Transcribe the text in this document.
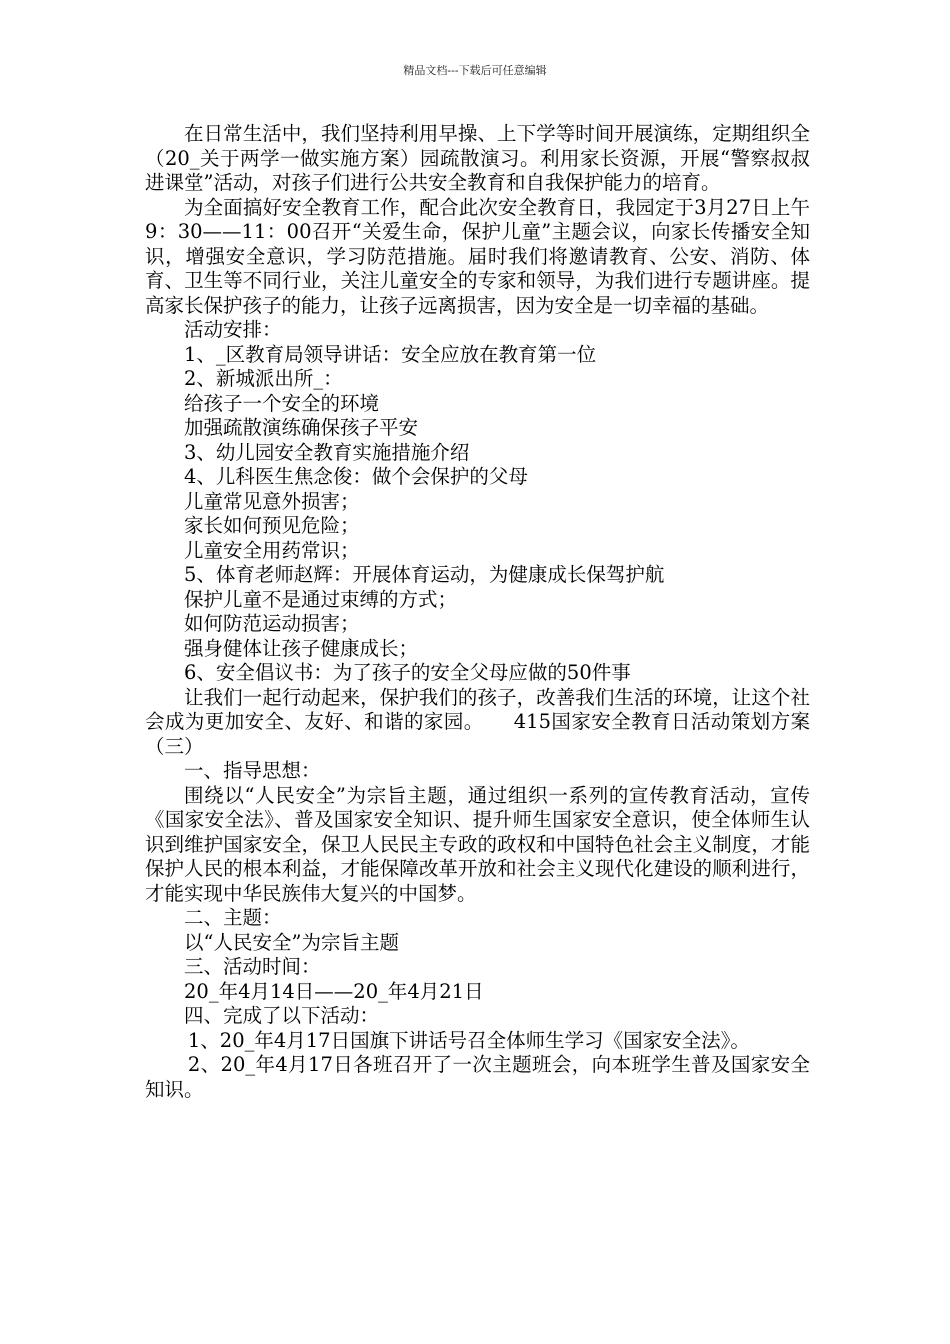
精品文档---下载后可任意编辑

在日常生活中，我们坚持利用早操、上下学等时间开展演练，定期组织全（20_关于两学一做实施方案）园疏散演习。利用家长资源，开展“警察叔叔进课堂”活动，对孩子们进行公共安全教育和自我保护能力的培育。

为全面搞好安全教育工作，配合此次安全教育日，我园定于3月27日上午9：30——11：00召开“关爱生命，保护儿童”主题会议，向家长传播安全知识，增强安全意识，学习防范措施。届时我们将邀请教育、公安、消防、体育、卫生等不同行业，关注儿童安全的专家和领导，为我们进行专题讲座。提高家长保护孩子的能力，让孩子远离损害，因为安全是一切幸福的基础。

活动安排：

1、_区教育局领导讲话：安全应放在教育第一位

2、新城派出所_：

给孩子一个安全的环境

加强疏散演练确保孩子平安

3、幼儿园安全教育实施措施介绍

4、儿科医生焦念俊：做个会保护的父母

儿童常见意外损害；

家长如何预见危险；

儿童安全用药常识；

5、体育老师赵辉：开展体育运动，为健康成长保驾护航

保护儿童不是通过束缚的方式；

如何防范运动损害；

强身健体让孩子健康成长；

6、安全倡议书：为了孩子的安全父母应做的50件事

让我们一起行动起来，保护我们的孩子，改善我们生活的环境，让这个社会成为更加安全、友好、和谐的家园。　　415国家安全教育日活动策划方案（三）

一、指导思想：

围绕以“人民安全”为宗旨主题，通过组织一系列的宣传教育活动，宣传《国家安全法》、普及国家安全知识、提升师生国家安全意识，使全体师生认识到维护国家安全，保卫人民民主专政的政权和中国特色社会主义制度，才能保护人民的根本利益，才能保障改革开放和社会主义现代化建设的顺利进行，才能实现中华民族伟大复兴的中国梦。

二、主题：

以“人民安全”为宗旨主题

三、活动时间：

20_年4月14日——20_年4月21日

四、完成了以下活动：

1、20_年4月17日国旗下讲话号召全体师生学习《国家安全法》。

2、20_年4月17日各班召开了一次主题班会，向本班学生普及国家安全知识。
